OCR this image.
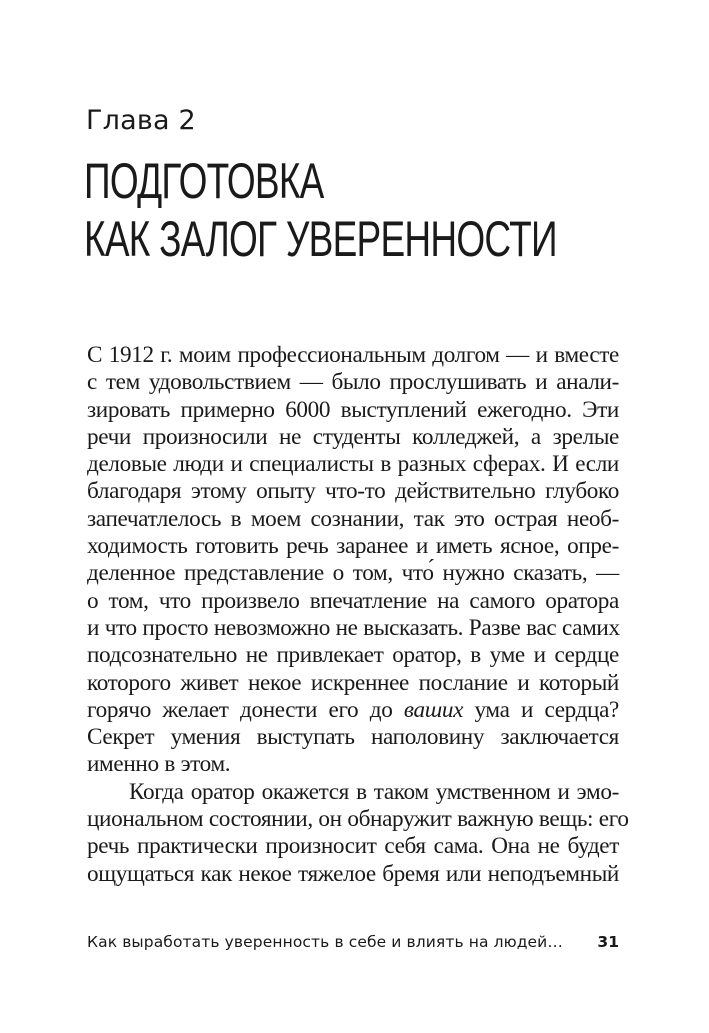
Глава 2
ПОДГОТОВКА
КАК ЗАЛОГ УВЕРЕННОСТИ
С 1912 г. моим профессиональным долгом — и вместе
с тем удовольствием — было прослушивать и анали-
зировать примерно 6000 выступлений ежегодно. Эти
речи произносили не студенты колледжей, а зрелые
деловые люди и специалисты в разных сферах. И если
благодаря этому опыту что-то действительно глубоко
запечатлелось в моем сознании, так это острая необ-
ходимость готовить речь заранее и иметь ясное, опре-
деленное представление о том, что́ нужно сказать, —
о том, что произвело впечатление на самого оратора
и что просто невозможно не высказать. Разве вас самих
подсознательно не привлекает оратор, в уме и сердце
которого живет некое искреннее послание и который
горячо желает донести его до ваших ума и сердца?
Секрет умения выступать наполовину заключается
именно в этом.
Когда оратор окажется в таком умственном и эмо-
циональном состоянии, он обнаружит важную вещь: его
речь практически произносит себя сама. Она не будет
ощущаться как некое тяжелое бремя или неподъемный
Как выработать уверенность в себе и влиять на людей… 31
